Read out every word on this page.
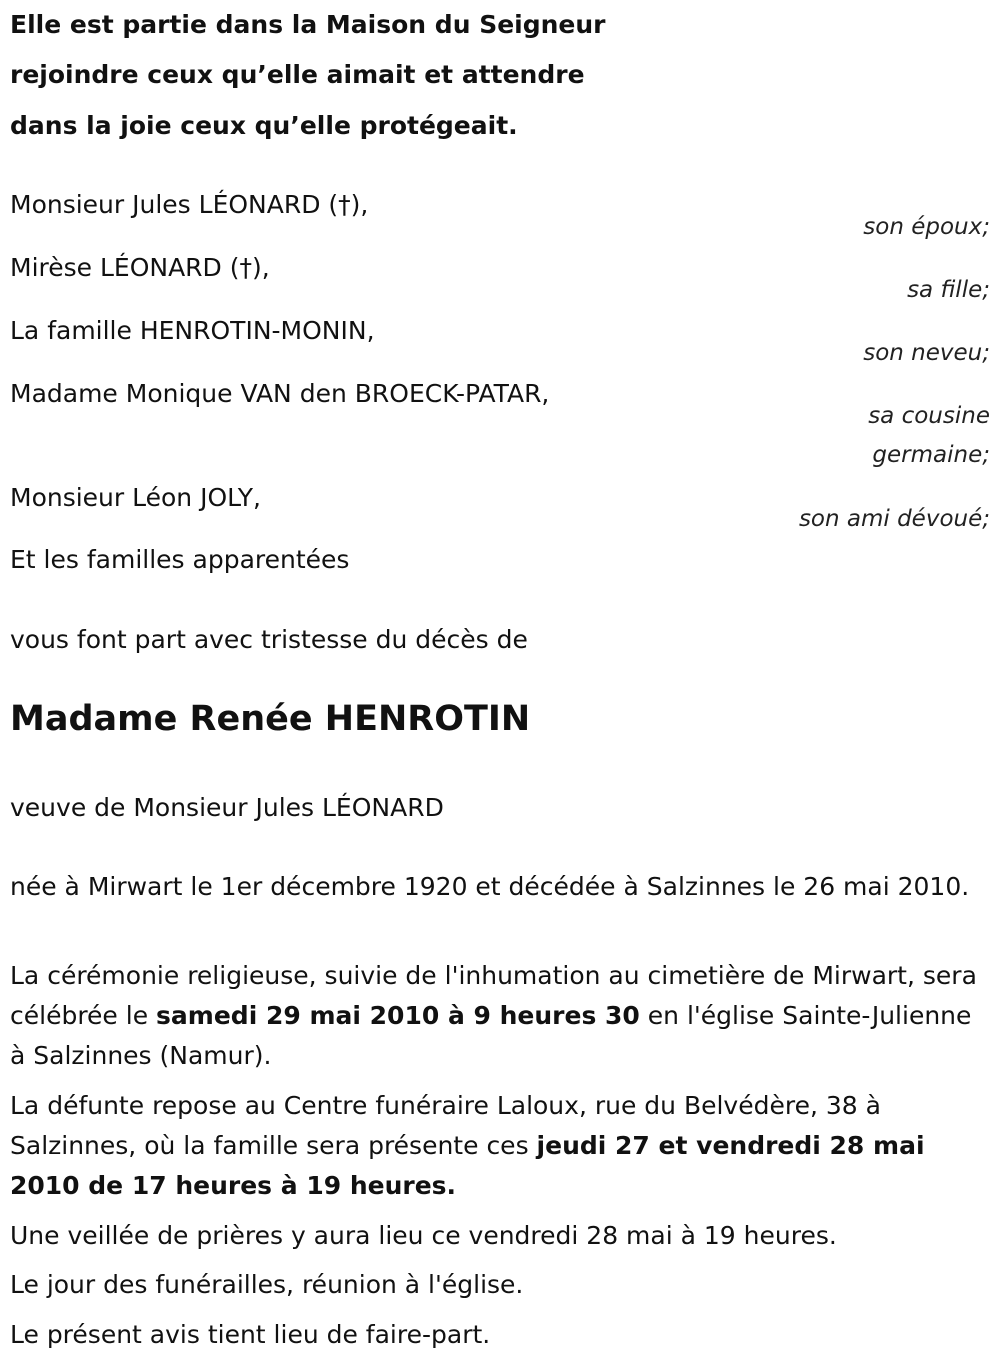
Elle est partie dans la Maison du Seigneur
rejoindre ceux qu’elle aimait et attendre
dans la joie ceux qu’elle protégeait.
Monsieur Jules LÉONARD (†),
son époux;
Mirèse LÉONARD (†),
sa fille;
La famille HENROTIN-MONIN,
son neveu;
Madame Monique VAN den BROECK-PATAR,
sa cousine
germaine;
Monsieur Léon JOLY,
son ami dévoué;
Et les familles apparentées
vous font part avec tristesse du décès de
Madame Renée HENROTIN
veuve de Monsieur Jules LÉONARD
née à Mirwart le 1er décembre 1920 et décédée à Salzinnes le 26 mai 2010.
La cérémonie religieuse, suivie de l'inhumation au cimetière de Mirwart, sera célébrée le samedi 29 mai 2010 à 9 heures 30 en l'église Sainte-Julienne à Salzinnes (Namur).
La défunte repose au Centre funéraire Laloux, rue du Belvédère, 38 à Salzinnes, où la famille sera présente ces jeudi 27 et vendredi 28 mai 2010 de 17 heures à 19 heures.
Une veillée de prières y aura lieu ce vendredi 28 mai à 19 heures.
Le jour des funérailles, réunion à l'église.
Le présent avis tient lieu de faire-part.
